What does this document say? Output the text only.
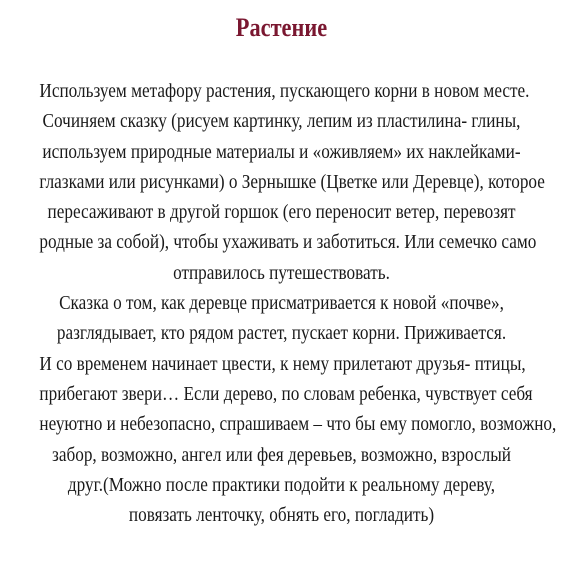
Растение
Используем метафору растения, пускающего корни в новом месте.
Сочиняем сказку (рисуем картинку, лепим из пластилина- глины,
используем природные материалы и «оживляем» их наклейками-
глазками или рисунками) о Зернышке (Цветке или Деревце), которое
пересаживают в другой горшок (его переносит ветер, перевозят
родные за собой), чтобы ухаживать и заботиться. Или семечко само
отправилось путешествовать.
Сказка о том, как деревце присматривается к новой «почве»,
разглядывает, кто рядом растет, пускает корни. Приживается.
И со временем начинает цвести, к нему прилетают друзья- птицы,
прибегают звери… Если дерево, по словам ребенка, чувствует себя
неуютно и небезопасно, спрашиваем – что бы ему помогло, возможно,
забор, возможно, ангел или фея деревьев, возможно, взрослый
друг.(Можно после практики подойти к реальному дереву,
повязать ленточку, обнять его, погладить)
